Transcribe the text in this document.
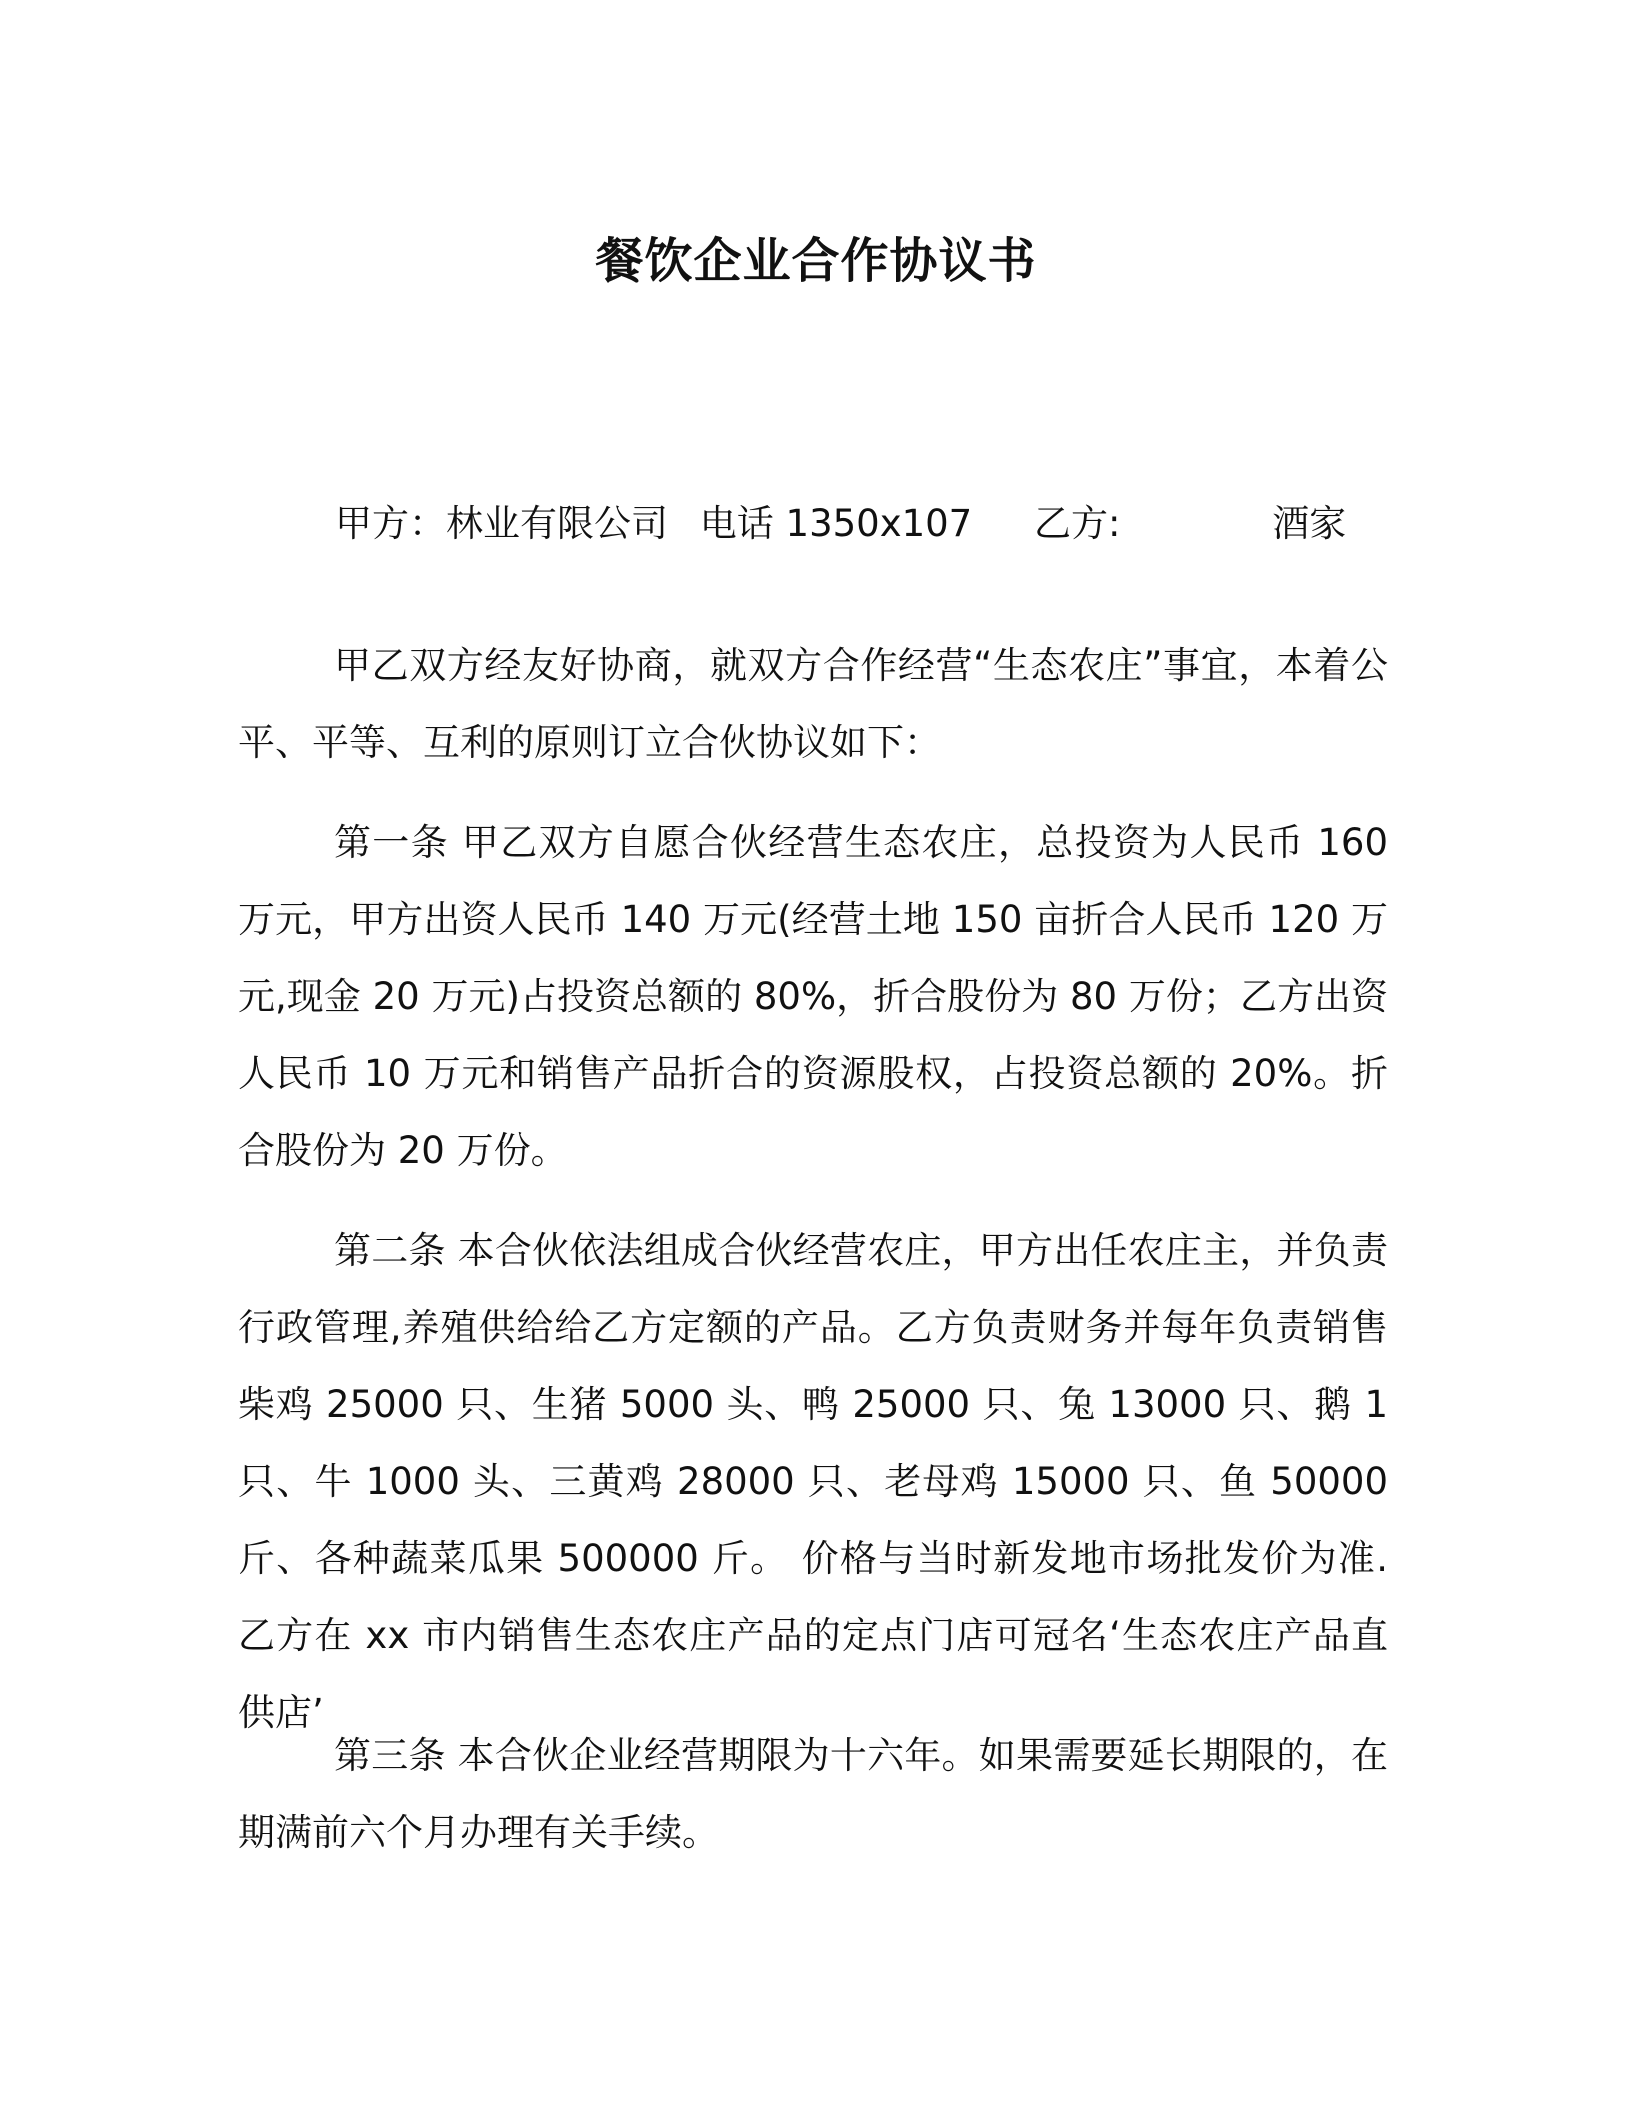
餐饮企业合作协议书
甲方：林业有限公司 电话 1350x107 乙方:	酒家

甲乙双方经友好协商，就双方合作经营“生态农庄”事宜，本着公平、平等、互利的原则订立合伙协议如下：

第一条 甲乙双方自愿合伙经营生态农庄，总投资为人民币 160 万元，甲方出资人民币 140 万元(经营土地 150 亩折合人民币 120 万元,现金 20 万元)占投资总额的 80%，折合股份为 80 万份；乙方出资人民币 10 万元和销售产品折合的资源股权，占投资总额的 20%。折合股份为 20 万份。

第二条 本合伙依法组成合伙经营农庄，甲方出任农庄主，并负责行政管理,养殖供给给乙方定额的产品。乙方负责财务并每年负责销售柴鸡 25000 只、生猪 5000 头、鸭 25000 只、兔 13000 只、鹅 1 只、牛 1000 头、三黄鸡 28000 只、老母鸡 15000 只、鱼 50000 斤、各种蔬菜瓜果 500000 斤。 价格与当时新发地市场批发价为准. 乙方在 xx 市内销售生态农庄产品的定点门店可冠名‘生态农庄产品直供店’

第三条 本合伙企业经营期限为十六年。如果需要延长期限的，在期满前六个月办理有关手续。
